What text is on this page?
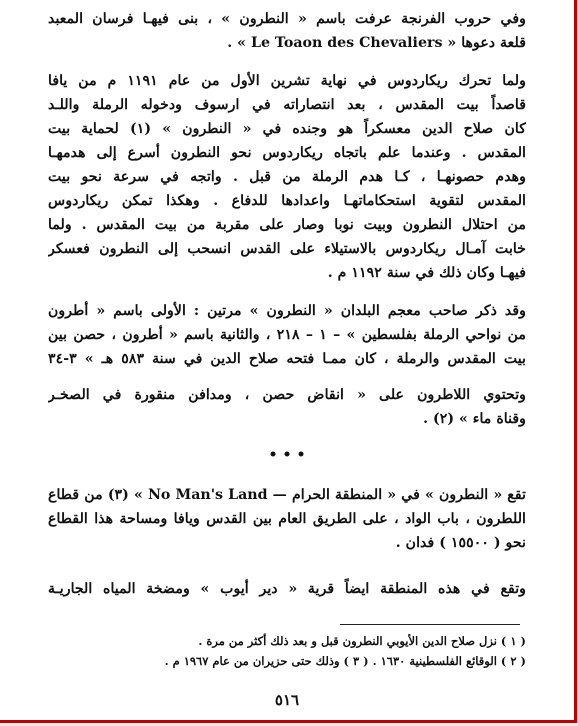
وفي حروب الفرنجة عرفت باسم « النطرون » ، بنى فيهـا فرسان المعبد
قلعة دعوها « Le Toaon des Chevaliers » .
ولما تحرك ريكاردوس في نهاية تشرين الأول من عام ١١٩١ م من يافا
قاصداً بيت المقدس ، بعد انتصاراته في ارسوف ودخوله الرملة واللـد
كان صلاح الدين معسكراً هو وجنده في « النطرون » (١) لحماية بيت
المقدس . وعندما علم باتجاه ريكاردوس نحو النطرون أسرع إلى هدمهـا
وهدم حصونهـا ، كـا هدم الرملة من قبل . واتجه في سرعة نحو بيت
المقدس لتقوية استحكاماتهـا واعدادها للدفاع . وهكذا تمكن ريكاردوس
من احتلال النطرون وبيت نوبا وصار على مقربة من بيت المقدس . ولما
خابت آمـال ريكاردوس بالاستيلاء على القدس انسحب إلى النطرون فعسكر
فيهـا وكان ذلك في سنة ١١٩٢ م .
وقد ذكر صاحب معجم البلدان « النطرون » مرتين : الأولى باسم « أطرون
من نواحي الرملة بفلسطين » – ١ – ٢١٨ ، والثانية باسم « أطرون ، حصن بين
بيت المقدس والرملة ، كان ممـا فتحه صلاح الدين في سنة ٥٨٣ هـ » ٣-٣٤
وتحتوي اللاطرون على « انقاض حصن ، ومدافن منقورة في الصخـر
وقناة ماء » (٢) .
• • •
تقع « النطرون » في « المنطقة الحرام — No Man's Land » (٣) من قطاع
اللطرون ، باب الواد ، على الطريق العام بين القدس ويافا ومساحة هذا القطاع
نحو ( ١٥٥٠٠ ) فدان .
وتقع في هذه المنطقة ايضاً قرية « دير أيوب » ومضخة المياه الجاريـة
( ١ ) نزل صلاح الدين الأيوبي النطرون قبل و بعد ذلك أكثر من مرة .
( ٢ ) الوقائع الفلسطينية ١٦٣٠ . ( ٣ ) وذلك حتى حزيران من عام ١٩٦٧ م .
٥١٦
